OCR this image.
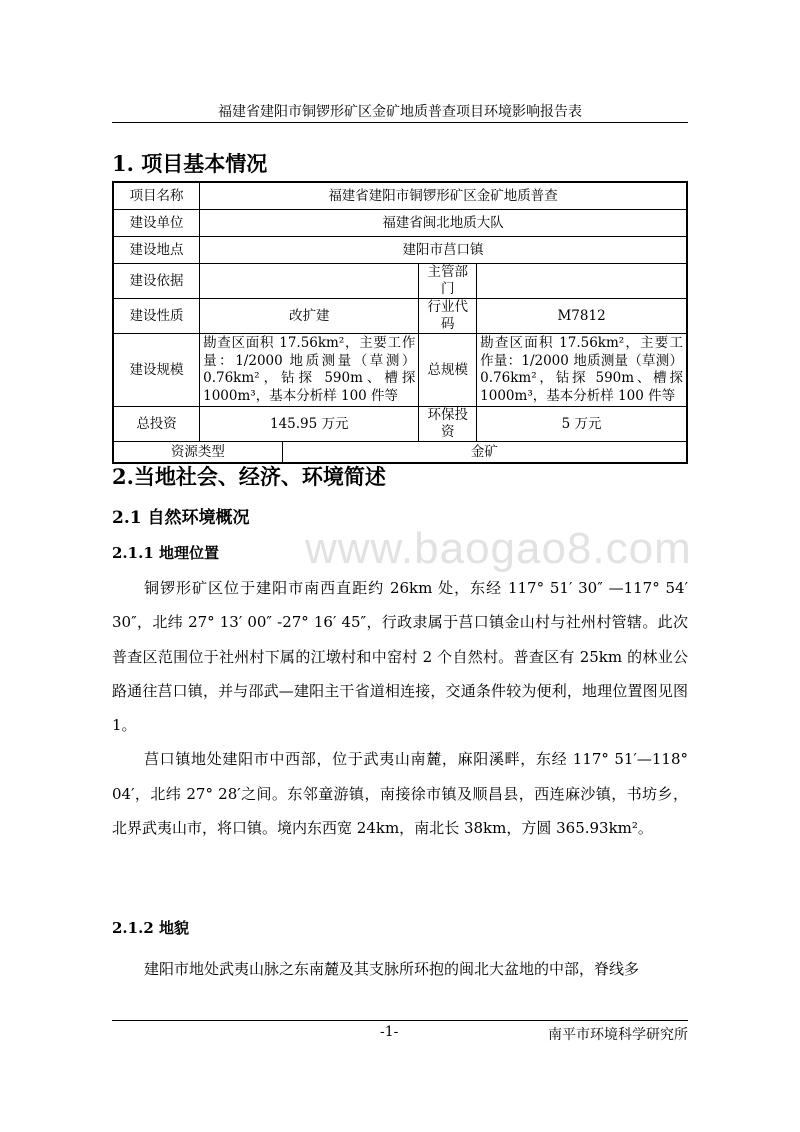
福建省建阳市铜锣形矿区金矿地质普查项目环境影响报告表
1. 项目基本情况
项目名称	福建省建阳市铜锣形矿区金矿地质普查			
建设单位	福建省闽北地质大队			
建设地点	建阳市莒口镇			
建设依据			主管部门	
建设性质	改扩建		行业代码	M7812
建设规模	勘查区面积 17.56km²，主要工作量：1/2000 地质测量（草测）0.76km²，钻探 590m、槽探 1000m³，基本分析样 100 件等		总规模	勘查区面积 17.56km²，主要工作量：1/2000 地质测量（草测）0.76km²，钻探 590m、槽探 1000m³，基本分析样 100 件等
总投资	145.95 万元		环保投资	5 万元
资源类型		金矿		
2.当地社会、经济、环境简述
2.1 自然环境概况
www.baogao8.com
2.1.1 地理位置

铜锣形矿区位于建阳市南西直距约 26km 处，东经 117° 51′ 30″ —117° 54′ 30″，北纬 27° 13′ 00″ -27° 16′ 45″，行政隶属于莒口镇金山村与社州村管辖。此次普查区范围位于社州村下属的江墩村和中窑村 2 个自然村。普查区有 25km 的林业公路通往莒口镇，并与邵武—建阳主干省道相连接，交通条件较为便利，地理位置图见图 1。

莒口镇地处建阳市中西部，位于武夷山南麓，麻阳溪畔，东经 117° 51′—118° 04′，北纬 27° 28′之间。东邻童游镇，南接徐市镇及顺昌县，西连麻沙镇，书坊乡，北界武夷山市，将口镇。境内东西宽 24km，南北长 38km，方圆 365.93km²。

2.1.2 地貌

建阳市地处武夷山脉之东南麓及其支脉所环抱的闽北大盆地的中部，脊线多

-1-	南平市环境科学研究所
